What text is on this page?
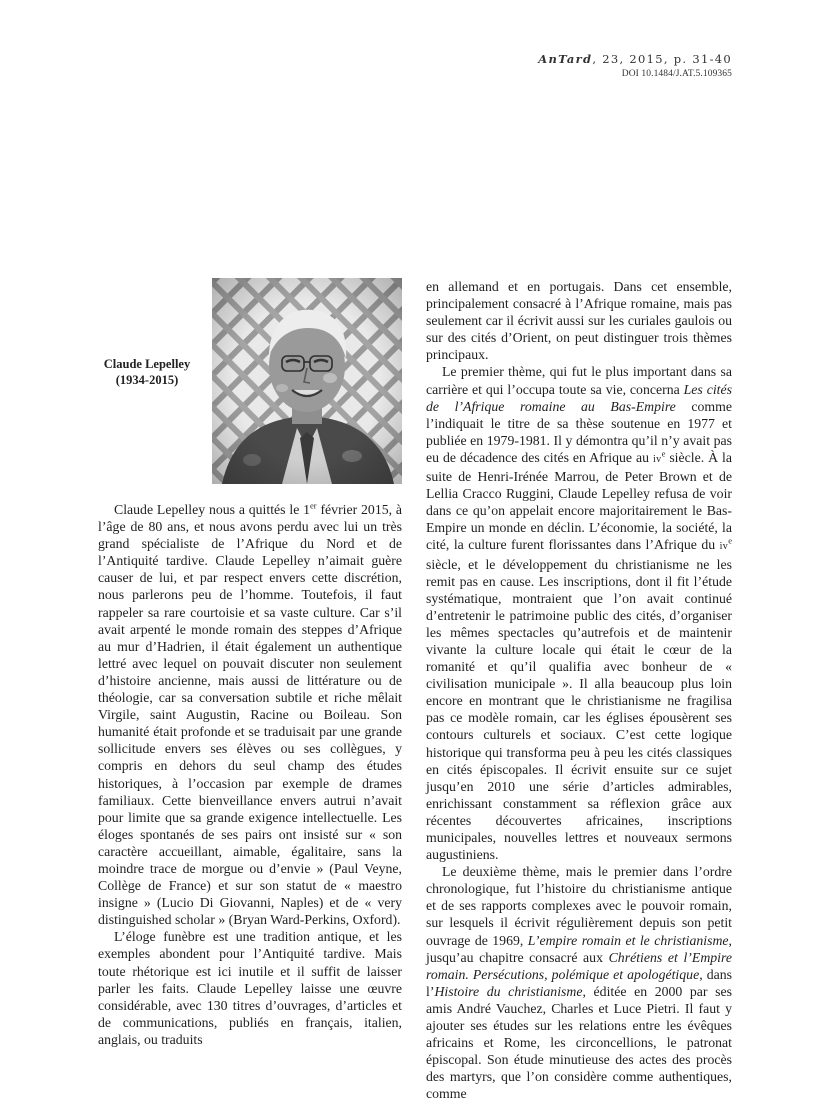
AnTard, 23, 2015, p. 31-40
DOI 10.1484/J.AT.5.109365
Claude Lepelley
(1934-2015)

Claude Lepelley nous a quittés le 1er février 2015, à l’âge de 80 ans, et nous avons perdu avec lui un très grand spécialiste de l’Afrique du Nord et de l’Antiquité tardive. Claude Lepelley n’aimait guère causer de lui, et par respect envers cette discrétion, nous parlerons peu de l’homme. Toutefois, il faut rappeler sa rare courtoisie et sa vaste culture. Car s’il avait arpenté le monde romain des steppes d’Afrique au mur d’Hadrien, il était également un authentique lettré avec lequel on pouvait discuter non seulement d’histoire ancienne, mais aussi de littérature ou de théologie, car sa conversation subtile et riche mêlait Virgile, saint Augustin, Racine ou Boileau. Son humanité était profonde et se traduisait par une grande sollicitude envers ses élèves ou ses collègues, y compris en dehors du seul champ des études historiques, à l’occasion par exemple de drames familiaux. Cette bienveillance envers autrui n’avait pour limite que sa grande exigence intellectuelle. Les éloges spontanés de ses pairs ont insisté sur « son caractère accueillant, aimable, égalitaire, sans la moindre trace de morgue ou d’envie » (Paul Veyne, Collège de France) et sur son statut de « maestro insigne » (Lucio Di Giovanni, Naples) et de « very distinguished scholar » (Bryan Ward-Perkins, Oxford).

L’éloge funèbre est une tradition antique, et les exemples abondent pour l’Antiquité tardive. Mais toute rhétorique est ici inutile et il suffit de laisser parler les faits. Claude Lepelley laisse une œuvre considérable, avec 130 titres d’ouvrages, d’articles et de communications, publiés en français, italien, anglais, ou traduits

en allemand et en portugais. Dans cet ensemble, principalement consacré à l’Afrique romaine, mais pas seulement car il écrivit aussi sur les curiales gaulois ou sur des cités d’Orient, on peut distinguer trois thèmes principaux.

Le premier thème, qui fut le plus important dans sa carrière et qui l’occupa toute sa vie, concerna Les cités de l’Afrique romaine au Bas-Empire comme l’indiquait le titre de sa thèse soutenue en 1977 et publiée en 1979-1981. Il y démontra qu’il n’y avait pas eu de décadence des cités en Afrique au $iv^e$ siècle. À la suite de Henri-Irénée Marrou, de Peter Brown et de Lellia Cracco Ruggini, Claude Lepelley refusa de voir dans ce qu’on appelait encore majoritairement le Bas-Empire un monde en déclin. L’économie, la société, la cité, la culture furent florissantes dans l’Afrique du $iv^e$ siècle, et le développement du christianisme ne les remit pas en cause. Les inscriptions, dont il fit l’étude systématique, montraient que l’on avait continué d’entretenir le patrimoine public des cités, d’organiser les mêmes spectacles qu’autrefois et de maintenir vivante la culture locale qui était le cœur de la romanité et qu’il qualifia avec bonheur de « civilisation municipale ». Il alla beaucoup plus loin encore en montrant que le christianisme ne fragilisa pas ce modèle romain, car les églises épousèrent ses contours culturels et sociaux. C’est cette logique historique qui transforma peu à peu les cités classiques en cités épiscopales. Il écrivit ensuite sur ce sujet jusqu’en 2010 une série d’articles admirables, enrichissant constamment sa réflexion grâce aux récentes découvertes africaines, inscriptions municipales, nouvelles lettres et nouveaux sermons augustiniens.

Le deuxième thème, mais le premier dans l’ordre chronologique, fut l’histoire du christianisme antique et de ses rapports complexes avec le pouvoir romain, sur lesquels il écrivit régulièrement depuis son petit ouvrage de 1969, L’empire romain et le christianisme, jusqu’au chapitre consacré aux Chrétiens et l’Empire romain. Persécutions, polémique et apologétique, dans l’Histoire du christianisme, éditée en 2000 par ses amis André Vauchez, Charles et Luce Pietri. Il faut y ajouter ses études sur les relations entre les évêques africains et Rome, les circoncellions, le patronat épiscopal. Son étude minutieuse des actes des procès des martyrs, que l’on considère comme authentiques, comme
